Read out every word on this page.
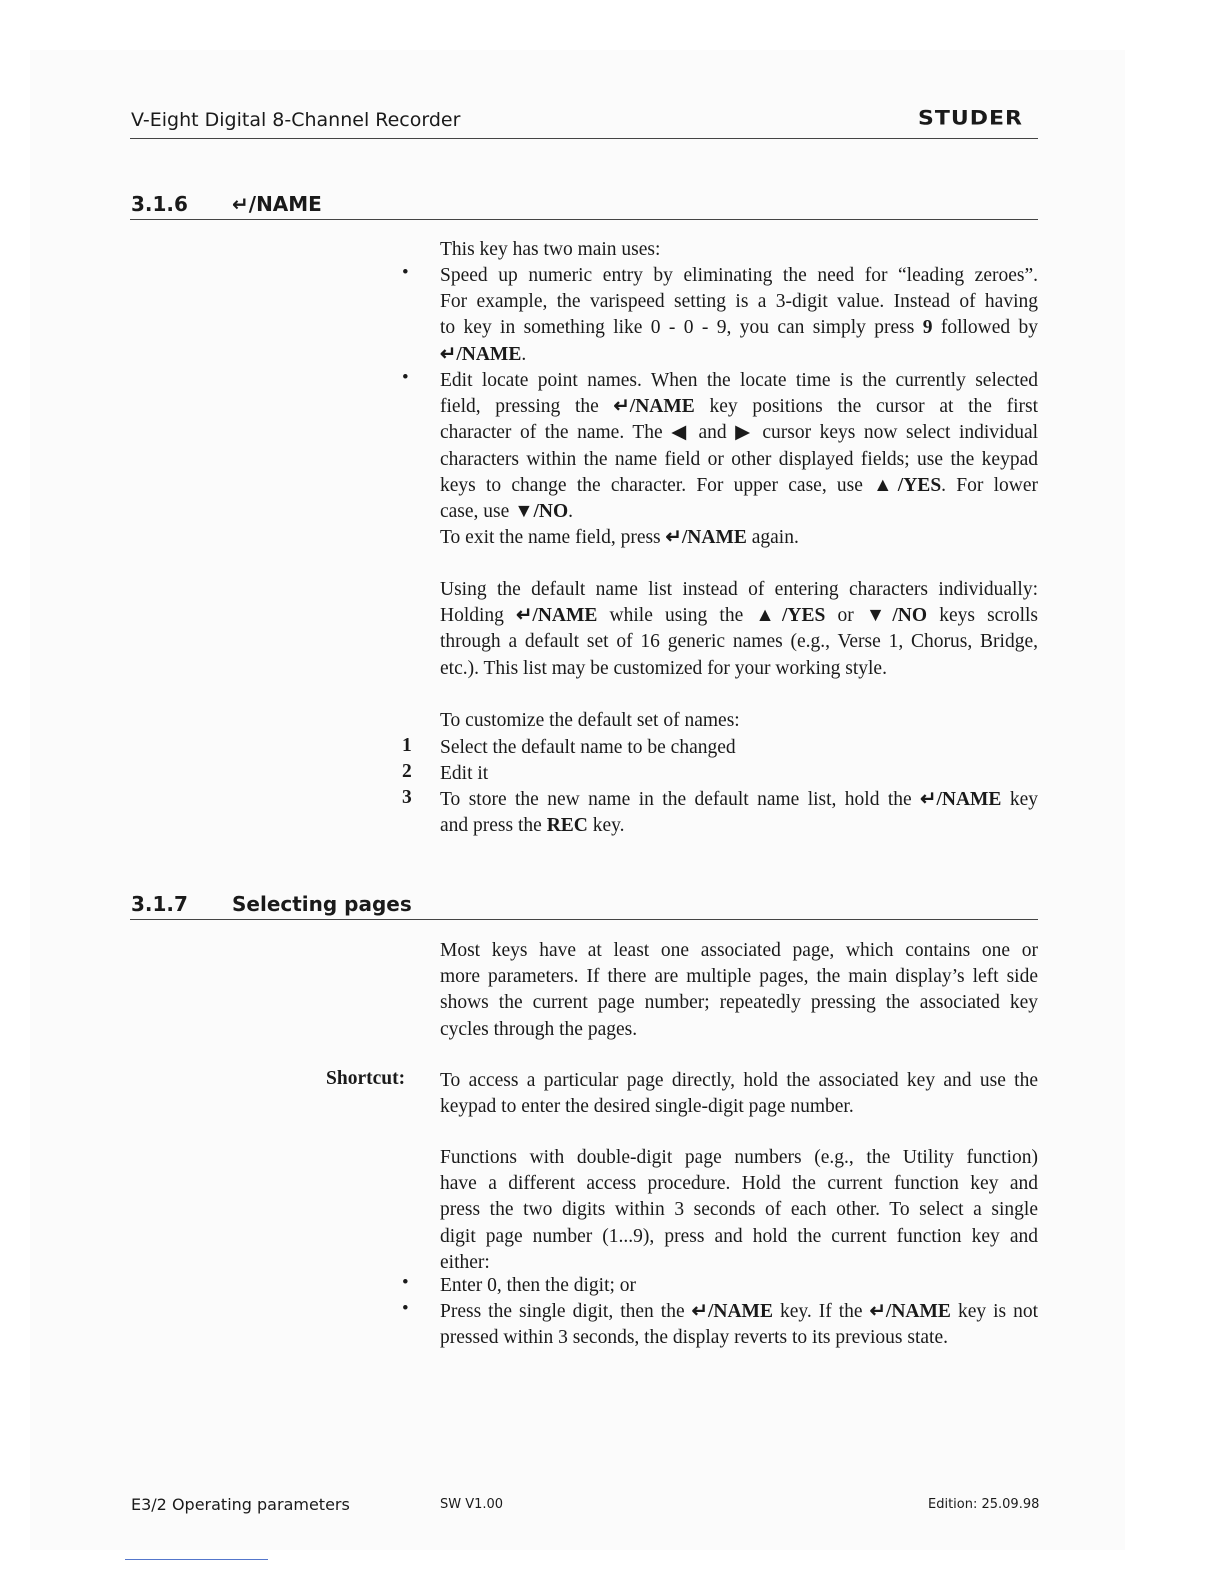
V-Eight Digital 8-Channel Recorder	STUDER
3.1.6 ↵/NAME
This key has two main uses:
• Speed up numeric entry by eliminating the need for “leading zeroes”.
For example, the varispeed setting is a 3-digit value. Instead of having
to key in something like 0 - 0 - 9, you can simply press 9 followed by
↵/NAME.
• Edit locate point names. When the locate time is the currently selected
field, pressing the ↵/NAME key positions the cursor at the first
character of the name. The ◀ and ▶ cursor keys now select individual
characters within the name field or other displayed fields; use the keypad
keys to change the character. For upper case, use ▲/YES. For lower
case, use ▼/NO.
To exit the name field, press ↵/NAME again.
Using the default name list instead of entering characters individually:
Holding ↵/NAME while using the ▲/YES or ▼/NO keys scrolls
through a default set of 16 generic names (e.g., Verse 1, Chorus, Bridge,
etc.). This list may be customized for your working style.
To customize the default set of names:
1 Select the default name to be changed
2 Edit it
3 To store the new name in the default name list, hold the ↵/NAME key
and press the REC key.
3.1.7 Selecting pages
Most keys have at least one associated page, which contains one or
more parameters. If there are multiple pages, the main display’s left side
shows the current page number; repeatedly pressing the associated key
cycles through the pages.
Shortcut: To access a particular page directly, hold the associated key and use the
keypad to enter the desired single-digit page number.
Functions with double-digit page numbers (e.g., the Utility function)
have a different access procedure. Hold the current function key and
press the two digits within 3 seconds of each other. To select a single
digit page number (1...9), press and hold the current function key and
either:
• Enter 0, then the digit; or
• Press the single digit, then the ↵/NAME key. If the ↵/NAME key is not
pressed within 3 seconds, the display reverts to its previous state.
E3/2 Operating parameters	SW V1.00	Edition: 25.09.98
